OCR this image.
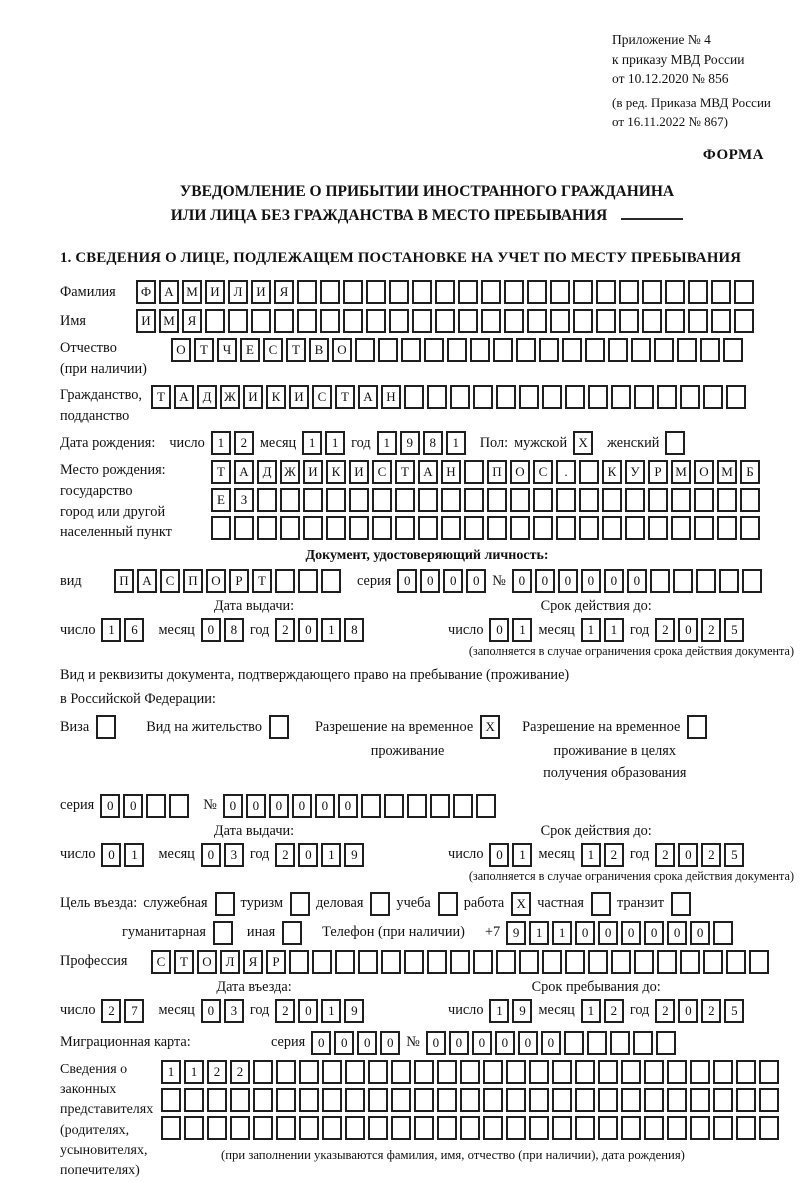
Приложение № 4
к приказу МВД России
от 10.12.2020 № 856
(в ред. Приказа МВД России
от 16.11.2022 № 867)
ФОРМА
УВЕДОМЛЕНИЕ О ПРИБЫТИИ ИНОСТРАННОГО ГРАЖДАНИНА
ИЛИ ЛИЦА БЕЗ ГРАЖДАНСТВА В МЕСТО ПРЕБЫВАНИЯ
1. СВЕДЕНИЯ О ЛИЦЕ, ПОДЛЕЖАЩЕМ ПОСТАНОВКЕ НА УЧЕТ ПО МЕСТУ ПРЕБЫВАНИЯ
Фамилия	Ф	А М И	Л	И	Я
Имя	И М Я
Отчество
(при наличии)
О	Т	Ч	Е	С	Т	В	О
Гражданство,
подданство
Т	А	Д Ж И	К	И	С	Т	А	Н
Дата рождения: число 1	2 месяц 1	1 год 1	9	8	1	Пол: мужской X	женский
Место рождения:
государство
город или другой
населенный пункт
Т	А	Д Ж И	К	И	С	Т	А	Н	П	О	С	.	К	У	Р	М О М	Б
Е	З
Документ, удостоверяющий личность:
вид	П	А	С	П	О	Р	Т	серия 0	0	0	0 № 0	0	0	0	0	0
Дата выдачи:
число 1	6	месяц 0	8 год 2	0	1	8
Срок действия до:
число 0	1 месяц 1	1 год 2	0	2	5
(заполняется в случае ограничения срока действия документа)
Вид и реквизиты документа, подтверждающего право на пребывание (проживание)
в Российской Федерации:
Виза	Вид на жительство	Разрешение на временное X
проживание
Разрешение на временное
проживание в целях
получения образования
серия 0	0	№ 0	0	0	0	0	0
Дата выдачи:
число 0	1	месяц 0	3 год 2	0	1	9
Срок действия до:
число 0	1 месяц 1	2 год 2	0	2	5
(заполняется в случае ограничения срока действия документа)
Цель въезда: служебная туризм деловая учеба работа X частная транзит
гуманитарная	иная	Телефон (при наличии) +7 9	1	1	0	0	0	0	0	0
Профессия	С	Т	О	Л	Я	Р
Дата въезда:
число 2	7	месяц 0	3 год 2	0	1	9
Срок пребывания до:
число 1	9 месяц 1	2 год 2	0	2	5
Миграционная карта:	серия 0	0	0	0 № 0	0	0	0	0	0
Сведения о
законных
представителях
(родителях,
усыновителях,
попечителях)
1	1	2	2
(при заполнении указываются фамилия, имя, отчество (при наличии), дата рождения)
